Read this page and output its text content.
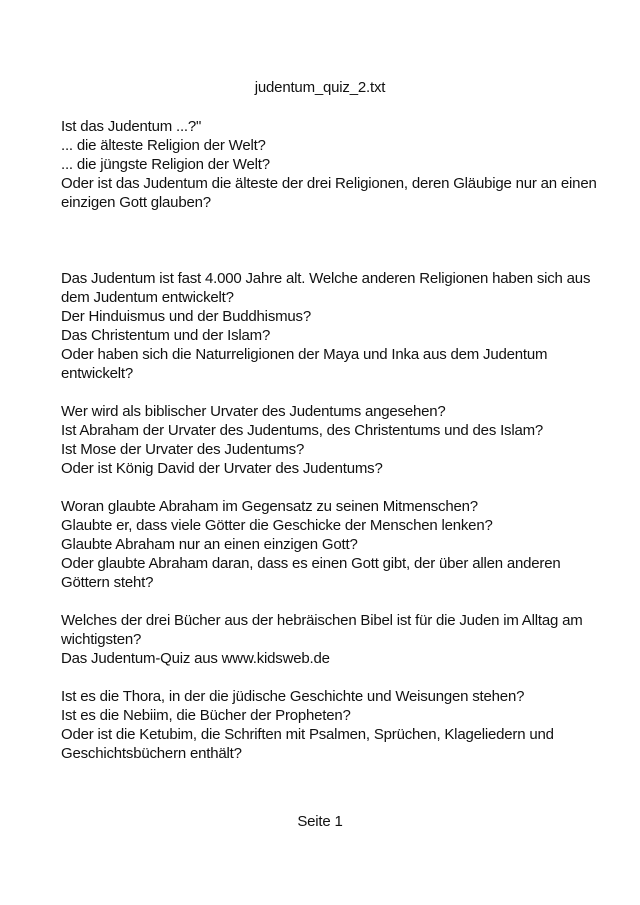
judentum_quiz_2.txt
Ist das Judentum ...?"
... die älteste Religion der Welt?
... die jüngste Religion der Welt?
Oder ist das Judentum die älteste der drei Religionen, deren Gläubige nur an einen
einzigen Gott glauben?
Das Judentum ist fast 4.000 Jahre alt. Welche anderen Religionen haben sich aus
dem Judentum entwickelt?
Der Hinduismus und der Buddhismus?
Das Christentum und der Islam?
Oder haben sich die Naturreligionen der Maya und Inka aus dem Judentum
entwickelt?
Wer wird als biblischer Urvater des Judentums angesehen?
Ist Abraham der Urvater des Judentums, des Christentums und des Islam?
Ist Mose der Urvater des Judentums?
Oder ist König David der Urvater des Judentums?
Woran glaubte Abraham im Gegensatz zu seinen Mitmenschen?
Glaubte er, dass viele Götter die Geschicke der Menschen lenken?
Glaubte Abraham nur an einen einzigen Gott?
Oder glaubte Abraham daran, dass es einen Gott gibt, der über allen anderen
Göttern steht?
Welches der drei Bücher aus der hebräischen Bibel ist für die Juden im Alltag am
wichtigsten?
Das Judentum-Quiz aus www.kidsweb.de
Ist es die Thora, in der die jüdische Geschichte und Weisungen stehen?
Ist es die Nebiim, die Bücher der Propheten?
Oder ist die Ketubim, die Schriften mit Psalmen, Sprüchen, Klageliedern und
Geschichtsbüchern enthält?
Seite 1
